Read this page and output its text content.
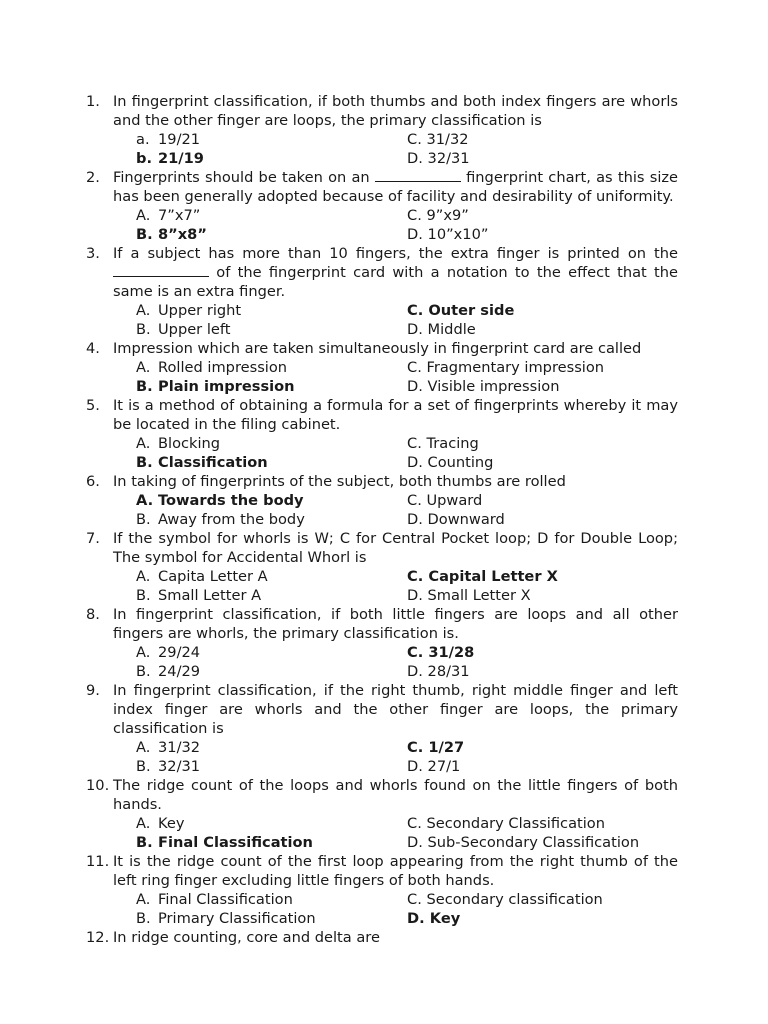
1. In fingerprint classification, if both thumbs and both index fingers are whorls and the other finger are loops, the primary classification is
a. 19/21	C. 31/32
b. 21/19	D. 32/31
2. Fingerprints should be taken on an	fingerprint chart, as this size has been generally adopted because of facility and desirability of uniformity.
A. 7”x7”	C. 9”x9”
B. 8”x8”	D. 10”x10”
3. If a subject has more than 10 fingers, the extra finger is printed on the  of the fingerprint card with a notation to the effect that the same is an extra finger.
A. Upper right	C. Outer side
B. Upper left	D. Middle
4. Impression which are taken simultaneously in fingerprint card are called
A. Rolled impression	C. Fragmentary impression
B. Plain impression	D. Visible impression
5. It is a method of obtaining a formula for a set of fingerprints whereby it may be located in the filing cabinet.
A. Blocking	C. Tracing
B. Classification	D. Counting
6. In taking of fingerprints of the subject, both thumbs are rolled
A. Towards the body	C. Upward
B. Away from the body	D. Downward
7. If the symbol for whorls is W; C for Central Pocket loop; D for Double Loop; The symbol for Accidental Whorl is
A. Capita Letter A	C. Capital Letter X
B. Small Letter A	D. Small Letter X
8. In fingerprint classification, if both little fingers are loops and all other fingers are whorls, the primary classification is.
A. 29/24	C. 31/28
B. 24/29	D. 28/31
9. In fingerprint classification, if the right thumb, right middle finger and left index finger are whorls and the other finger are loops, the primary classification is
A. 31/32	C. 1/27
B. 32/31	D. 27/1
10. The ridge count of the loops and whorls found on the little fingers of both hands.
A. Key	C. Secondary Classification
B. Final Classification	D. Sub-Secondary Classification
11. It is the ridge count of the first loop appearing from the right thumb of the left ring finger excluding little fingers of both hands.
A. Final Classification	C. Secondary classification
B. Primary Classification	D. Key
12. In ridge counting, core and delta are
